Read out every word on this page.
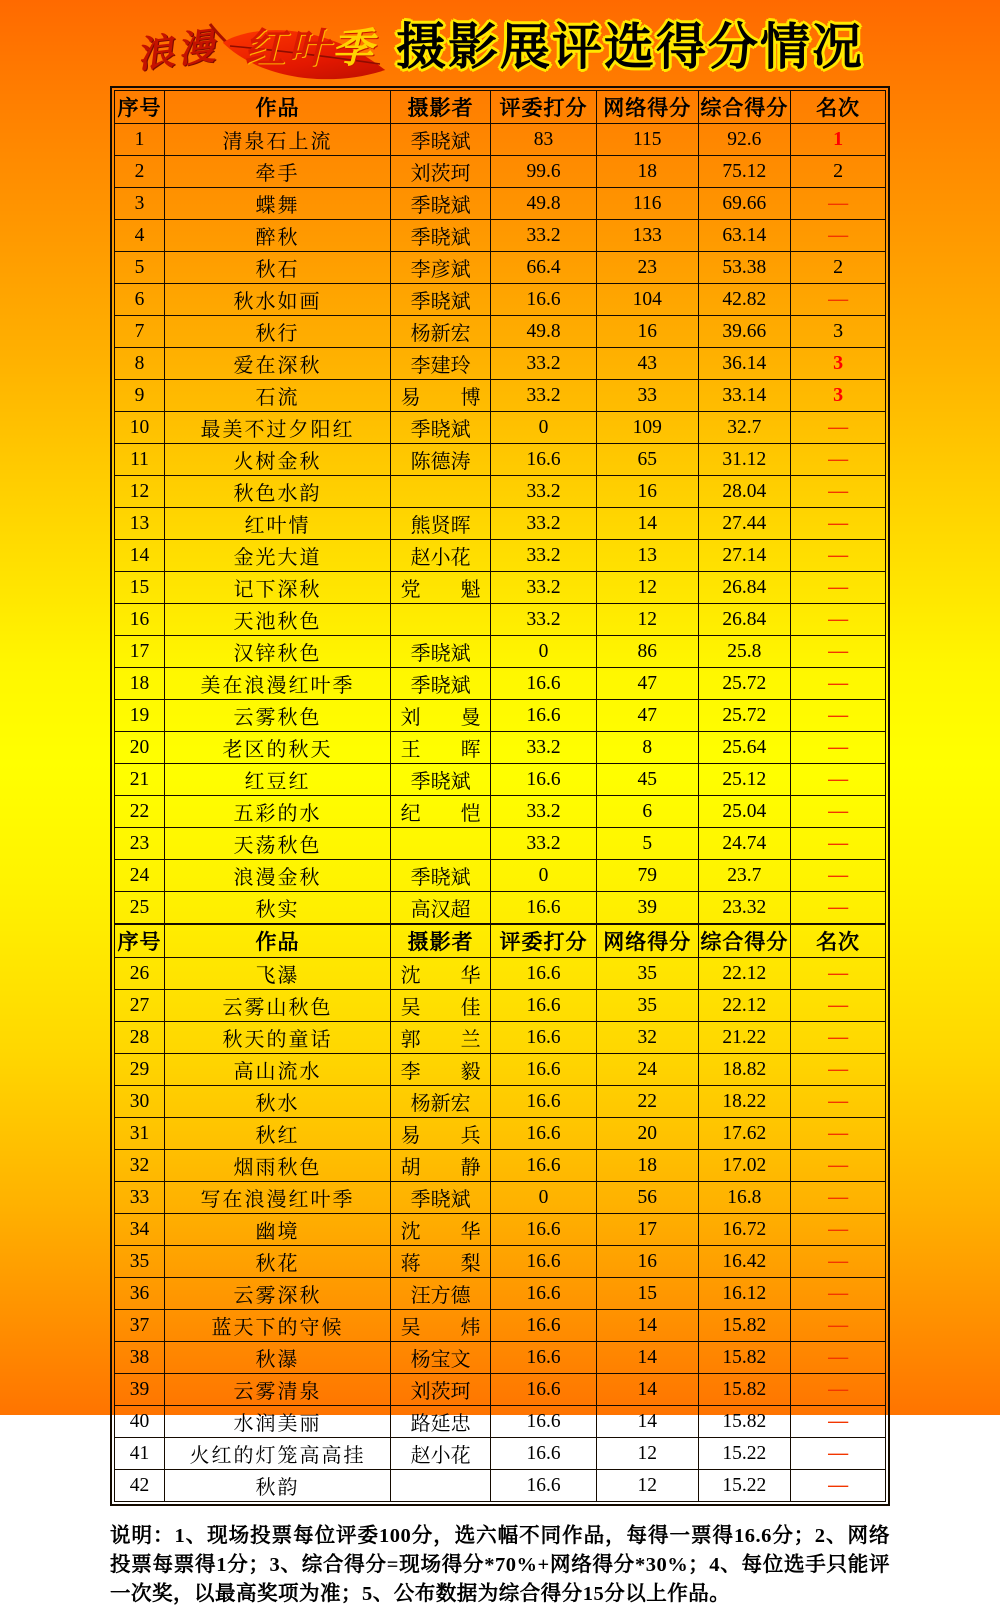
浪漫 红叶季 摄影展评选得分情况
序号	作品	摄影者	评委打分	网络得分	综合得分	名次
1	清泉石上流	季晓斌	83	115	92.6	1
2	牵手	刘茨珂	99.6	18	75.12	2
3	蝶舞	季晓斌	49.8	116	69.66	—
4	醉秋	季晓斌	33.2	133	63.14	—
5	秋石	李彦斌	66.4	23	53.38	2
6	秋水如画	季晓斌	16.6	104	42.82	—
7	秋行	杨新宏	49.8	16	39.66	3
8	爱在深秋	李建玲	33.2	43	36.14	3
9	石流	易　　博	33.2	33	33.14	3
10	最美不过夕阳红	季晓斌	0	109	32.7	—
11	火树金秋	陈德涛	16.6	65	31.12	—
12	秋色水韵		33.2	16	28.04	—
13	红叶情	熊贤晖	33.2	14	27.44	—
14	金光大道	赵小花	33.2	13	27.14	—
15	记下深秋	党　　魁	33.2	12	26.84	—
16	天池秋色		33.2	12	26.84	—
17	汉锌秋色	季晓斌	0	86	25.8	—
18	美在浪漫红叶季	季晓斌	16.6	47	25.72	—
19	云雾秋色	刘　　曼	16.6	47	25.72	—
20	老区的秋天	王　　晖	33.2	8	25.64	—
21	红豆红	季晓斌	16.6	45	25.12	—
22	五彩的水	纪　　恺	33.2	6	25.04	—
23	天荡秋色		33.2	5	24.74	—
24	浪漫金秋	季晓斌	0	79	23.7	—
25	秋实	高汉超	16.6	39	23.32	—
序号	作品	摄影者	评委打分	网络得分	综合得分	名次
26	飞瀑	沈　　华	16.6	35	22.12	—
27	云雾山秋色	吴　　佳	16.6	35	22.12	—
28	秋天的童话	郭　　兰	16.6	32	21.22	—
29	高山流水	李　　毅	16.6	24	18.82	—
30	秋水	杨新宏	16.6	22	18.22	—
31	秋红	易　　兵	16.6	20	17.62	—
32	烟雨秋色	胡　　静	16.6	18	17.02	—
33	写在浪漫红叶季	季晓斌	0	56	16.8	—
34	幽境	沈　　华	16.6	17	16.72	—
35	秋花	蒋　　梨	16.6	16	16.42	—
36	云雾深秋	汪方德	16.6	15	16.12	—
37	蓝天下的守候	吴　　炜	16.6	14	15.82	—
38	秋瀑	杨宝文	16.6	14	15.82	—
39	云雾清泉	刘茨珂	16.6	14	15.82	—
40	水润美丽	路延忠	16.6	14	15.82	—
41	火红的灯笼高高挂	赵小花	16.6	12	15.22	—
42	秋韵		16.6	12	15.22	—

说明：1、现场投票每位评委100分，选六幅不同作品，每得一票得16.6分；2、网络投票每票得1分；3、综合得分=现场得分*70%+网络得分*30%；4、每位选手只能评一次奖，以最高奖项为准；5、公布数据为综合得分15分以上作品。
